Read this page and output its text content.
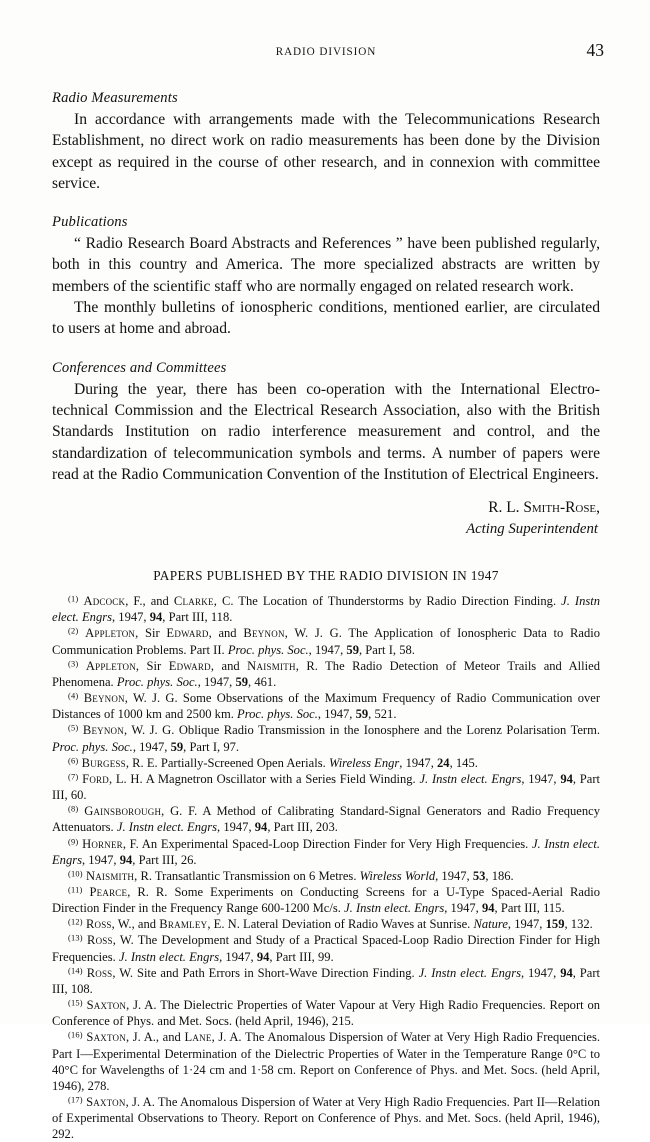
RADIO DIVISION	43
Radio Measurements

In accordance with arrangements made with the Telecommunications Research Establishment, no direct work on radio measurements has been done by the Division except as required in the course of other research, and in connexion with committee service.

Publications

“ Radio Research Board Abstracts and References ” have been published regularly, both in this country and America. The more specialized abstracts are written by members of the scientific staff who are normally engaged on related research work.

The monthly bulletins of ionospheric conditions, mentioned earlier, are circulated to users at home and abroad.

Conferences and Committees

During the year, there has been co-operation with the International Electro-technical Commission and the Electrical Research Association, also with the British Standards Institution on radio interference measurement and control, and the standardization of telecommunication symbols and terms. A number of papers were read at the Radio Communication Convention of the Institution of Electrical Engineers.

R. L. Smith-Rose,
Acting Superintendent
PAPERS PUBLISHED BY THE RADIO DIVISION IN 1947

$^{(1)}$ Adcock, F., and Clarke, C. The Location of Thunderstorms by Radio Direction Finding. J. Instn elect. Engrs, 1947, 94, Part III, 118.

$^{(2)}$ Appleton, Sir Edward, and Beynon, W. J. G. The Application of Ionospheric Data to Radio Communication Problems. Part II. Proc. phys. Soc., 1947, 59, Part I, 58.

$^{(3)}$ Appleton, Sir Edward, and Naismith, R. The Radio Detection of Meteor Trails and Allied Phenomena. Proc. phys. Soc., 1947, 59, 461.

$^{(4)}$ Beynon, W. J. G. Some Observations of the Maximum Frequency of Radio Communication over Distances of 1000 km and 2500 km. Proc. phys. Soc., 1947, 59, 521.

$^{(5)}$ Beynon, W. J. G. Oblique Radio Transmission in the Ionosphere and the Lorenz Polarisation Term. Proc. phys. Soc., 1947, 59, Part I, 97.

$^{(6)}$ Burgess, R. E. Partially-Screened Open Aerials. Wireless Engr, 1947, 24, 145.

$^{(7)}$ Ford, L. H. A Magnetron Oscillator with a Series Field Winding. J. Instn elect. Engrs, 1947, 94, Part III, 60.

$^{(8)}$ Gainsborough, G. F. A Method of Calibrating Standard-Signal Generators and Radio Frequency Attenuators. J. Instn elect. Engrs, 1947, 94, Part III, 203.

$^{(9)}$ Horner, F. An Experimental Spaced-Loop Direction Finder for Very High Frequencies. J. Instn elect. Engrs, 1947, 94, Part III, 26.

$^{(10)}$ Naismith, R. Transatlantic Transmission on 6 Metres. Wireless World, 1947, 53, 186.

$^{(11)}$ Pearce, R. R. Some Experiments on Conducting Screens for a U-Type Spaced-Aerial Radio Direction Finder in the Frequency Range 600-1200 Mc/s. J. Instn elect. Engrs, 1947, 94, Part III, 115.

$^{(12)}$ Ross, W., and Bramley, E. N. Lateral Deviation of Radio Waves at Sunrise. Nature, 1947, 159, 132.

$^{(13)}$ Ross, W. The Development and Study of a Practical Spaced-Loop Radio Direction Finder for High Frequencies. J. Instn elect. Engrs, 1947, 94, Part III, 99.

$^{(14)}$ Ross, W. Site and Path Errors in Short-Wave Direction Finding. J. Instn elect. Engrs, 1947, 94, Part III, 108.

$^{(15)}$ Saxton, J. A. The Dielectric Properties of Water Vapour at Very High Radio Frequencies. Report on Conference of Phys. and Met. Socs. (held April, 1946), 215.

$^{(16)}$ Saxton, J. A., and Lane, J. A. The Anomalous Dispersion of Water at Very High Radio Frequencies. Part I—Experimental Determination of the Dielectric Properties of Water in the Temperature Range 0°C to 40°C for Wavelengths of 1·24 cm and 1·58 cm. Report on Conference of Phys. and Met. Socs. (held April, 1946), 278.

$^{(17)}$ Saxton, J. A. The Anomalous Dispersion of Water at Very High Radio Frequencies. Part II—Relation of Experimental Observations to Theory. Report on Conference of Phys. and Met. Socs. (held April, 1946), 292.
